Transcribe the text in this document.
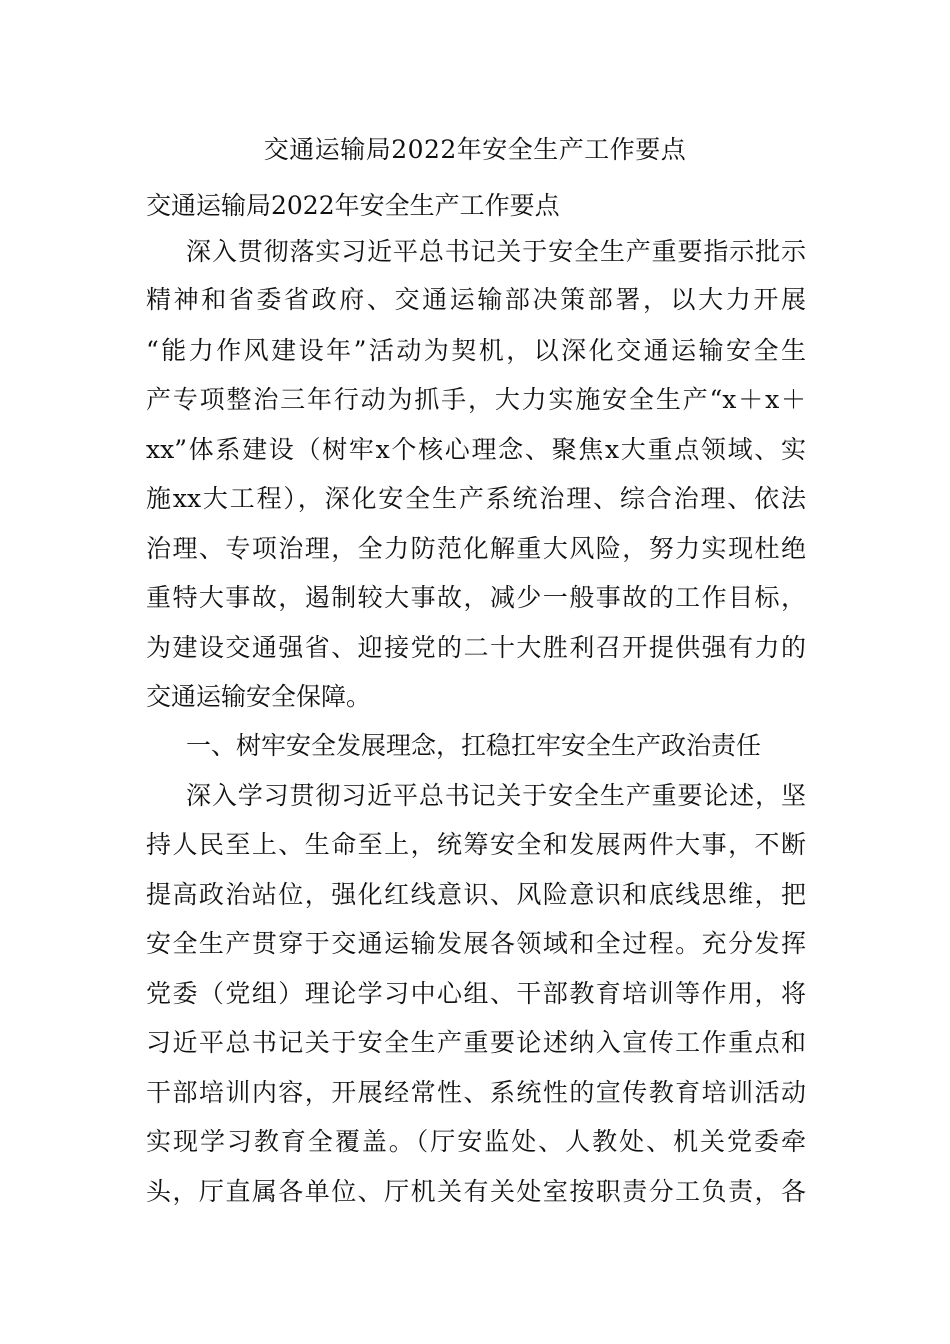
交通运输局2022年安全生产工作要点
交通运输局2022年安全生产工作要点
深入贯彻落实习近平总书记关于安全生产重要指示批示
精神和省委省政府、交通运输部决策部署，以大力开展
“能力作风建设年”活动为契机，以深化交通运输安全生
产专项整治三年行动为抓手，大力实施安全生产“x＋x＋
xx”体系建设（树牢x个核心理念、聚焦x大重点领域、实
施xx大工程），深化安全生产系统治理、综合治理、依法
治理、专项治理，全力防范化解重大风险，努力实现杜绝
重特大事故，遏制较大事故，减少一般事故的工作目标，
为建设交通强省、迎接党的二十大胜利召开提供强有力的
交通运输安全保障。
一、树牢安全发展理念，扛稳扛牢安全生产政治责任
深入学习贯彻习近平总书记关于安全生产重要论述，坚
持人民至上、生命至上，统筹安全和发展两件大事，不断
提高政治站位，强化红线意识、风险意识和底线思维，把
安全生产贯穿于交通运输发展各领域和全过程。充分发挥
党委（党组）理论学习中心组、干部教育培训等作用，将
习近平总书记关于安全生产重要论述纳入宣传工作重点和
干部培训内容，开展经常性、系统性的宣传教育培训活动
实现学习教育全覆盖。（厅安监处、人教处、机关党委牵
头，厅直属各单位、厅机关有关处室按职责分工负责，各
